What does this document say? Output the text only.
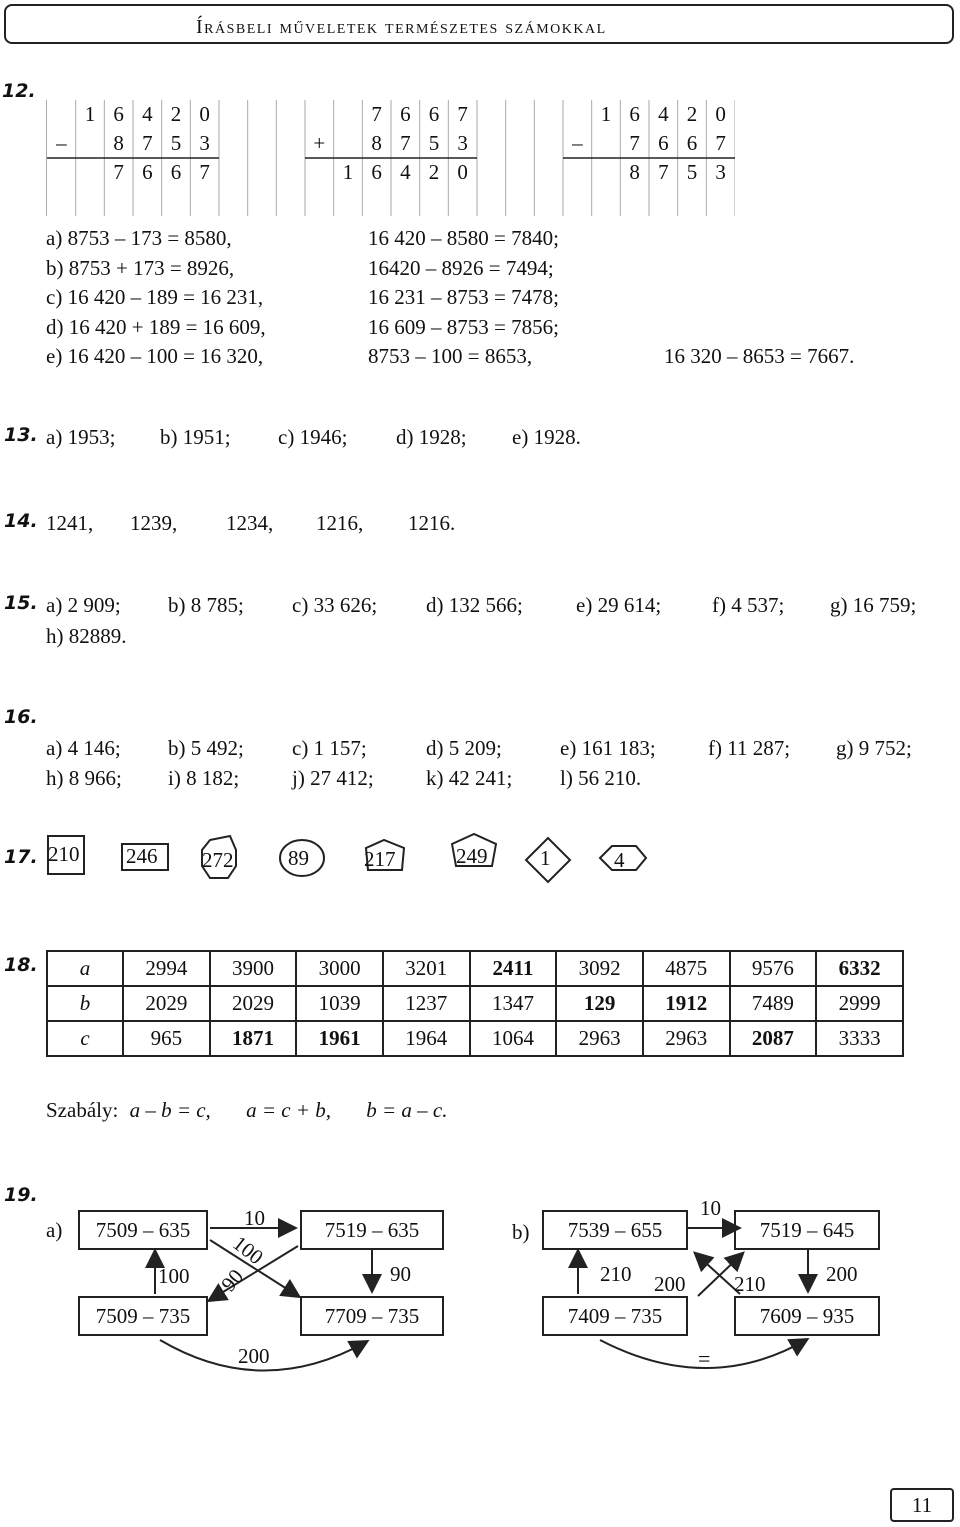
Írásbeli műveletek természetes számokkal
12.
1 6 4 2 0
–	8 7 5 3
7 6 6 7
7 6 6 7
+	8 7 5 3
1 6 4 2 0
1 6 4 2 0
–	7 6 6 7
8 7 5 3
a) 8753 – 173 = 8580,	16 420 – 8580 = 7840;
b) 8753 + 173 = 8926,	16420 – 8926 = 7494;
c) 16 420 – 189 = 16 231,	16 231 – 8753 = 7478;
d) 16 420 + 189 = 16 609,	16 609 – 8753 = 7856;
e) 16 420 – 100 = 16 320,	8753 – 100 = 8653,	16 320 – 8653 = 7667.
13. a) 1953; b) 1951; c) 1946; d) 1928; e) 1928.
14. 1241, 1239, 1234, 1216, 1216.
15. a) 2 909; b) 8 785; c) 33 626; d) 132 566;	e) 29 614; f) 4 537; g) 16 759;
h) 82889.
16.
a) 4 146; b) 5 492; c) 1 157;	d) 5 209;	e) 161 183; f) 11 287; g) 9 752;
h) 8 966; i) 8 182;	j) 27 412; k) 42 241; l) 56 210.
17. 210 246 272	89	217	249	1	4
18. a	2994	3900	3000	3201	2411	3092	4875	9576	6332
b	2029	2029	1039	1237	1347	129	1912	7489	2999
c	965	1871	1961	1964	1064	2963	2963	2087	3333
Szabály: a – b = c, a = c + b, b = a – c.
19.
a)	7509 – 635	7519 – 635
7509 – 735	7709 – 735
10
100
100
90	90
200
b)	7539 – 655	7519 – 645
7409 – 735	7609 – 935
10
210 200 210	200
=
11
